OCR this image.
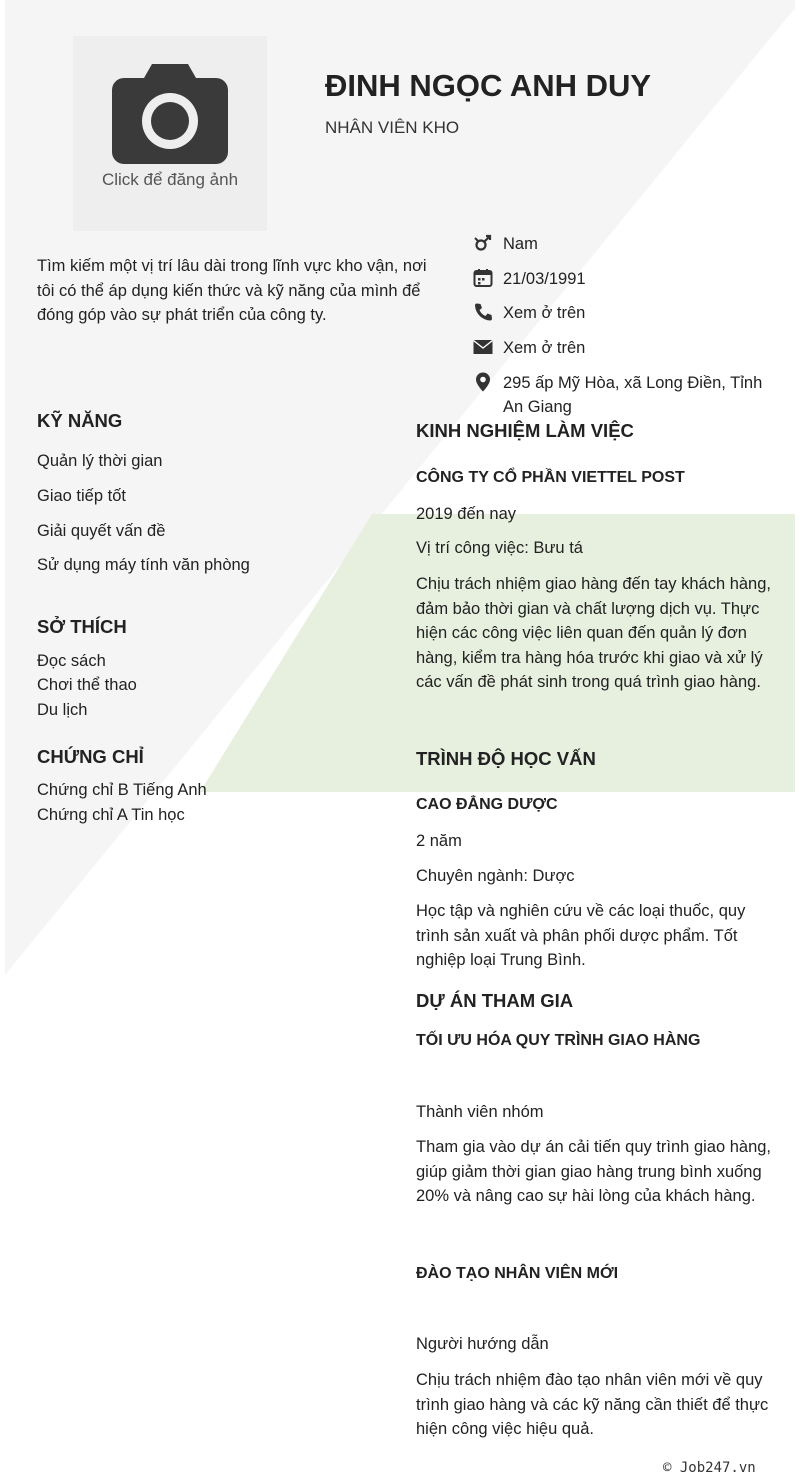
Click để đăng ảnh
ĐINH NGỌC ANH DUY
NHÂN VIÊN KHO
Tìm kiếm một vị trí lâu dài trong lĩnh vực kho vận, nơi tôi có thể áp dụng kiến thức và kỹ năng của mình để đóng góp vào sự phát triển của công ty.
Nam
21/03/1991
Xem ở trên
Xem ở trên
295 ấp Mỹ Hòa, xã Long Điền, Tỉnh An Giang
KỸ NĂNG
Quản lý thời gian
Giao tiếp tốt
Giải quyết vấn đề
Sử dụng máy tính văn phòng
SỞ THÍCH
Đọc sách
Chơi thể thao
Du lịch
CHỨNG CHỈ
Chứng chỉ B Tiếng Anh
Chứng chỉ A Tin học
KINH NGHIỆM LÀM VIỆC
CÔNG TY CỔ PHẦN VIETTEL POST
2019 đến nay
Vị trí công việc: Bưu tá
Chịu trách nhiệm giao hàng đến tay khách hàng, đảm bảo thời gian và chất lượng dịch vụ. Thực hiện các công việc liên quan đến quản lý đơn hàng, kiểm tra hàng hóa trước khi giao và xử lý các vấn đề phát sinh trong quá trình giao hàng.
TRÌNH ĐỘ HỌC VẤN
CAO ĐẲNG DƯỢC
2 năm
Chuyên ngành: Dược
Học tập và nghiên cứu về các loại thuốc, quy trình sản xuất và phân phối dược phẩm. Tốt nghiệp loại Trung Bình.
DỰ ÁN THAM GIA
TỐI ƯU HÓA QUY TRÌNH GIAO HÀNG
Thành viên nhóm
Tham gia vào dự án cải tiến quy trình giao hàng, giúp giảm thời gian giao hàng trung bình xuống 20% và nâng cao sự hài lòng của khách hàng.
ĐÀO TẠO NHÂN VIÊN MỚI
Người hướng dẫn
Chịu trách nhiệm đào tạo nhân viên mới về quy trình giao hàng và các kỹ năng cần thiết để thực hiện công việc hiệu quả.
© Job247.vn
